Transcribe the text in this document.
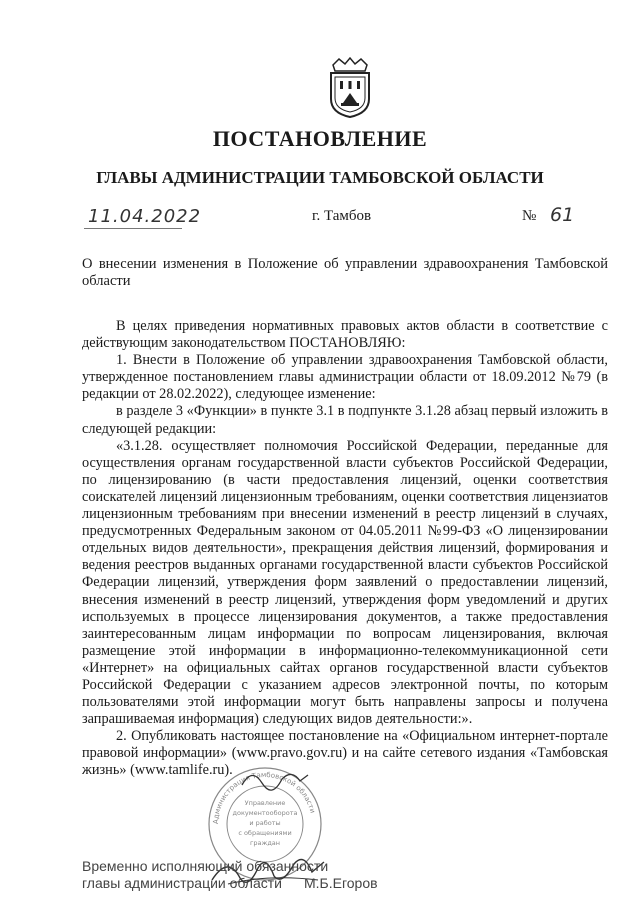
ПОСТАНОВЛЕНИЕ
ГЛАВЫ АДМИНИСТРАЦИИ ТАМБОВСКОЙ ОБЛАСТИ
11.04.2022	г. Тамбов	№ 61
О внесении изменения в Положение об управлении здравоохранения Тамбовской области

В целях приведения нормативных правовых актов области в соответствие с действующим законодательством ПОСТАНОВЛЯЮ:

1. Внести в Положение об управлении здравоохранения Тамбовской области, утвержденное постановлением главы администрации области от 18.09.2012 №79 (в редакции от 28.02.2022), следующее изменение:

в разделе 3 «Функции» в пункте 3.1 в подпункте 3.1.28 абзац первый изложить в следующей редакции:

«3.1.28. осуществляет полномочия Российской Федерации, переданные для осуществления органам государственной власти субъектов Российской Федерации, по лицензированию (в части предоставления лицензий, оценки соответствия соискателей лицензий лицензионным требованиям, оценки соответствия лицензиатов лицензионным требованиям при внесении изменений в реестр лицензий в случаях, предусмотренных Федеральным законом от 04.05.2011 №99-ФЗ «О лицензировании отдельных видов деятельности», прекращения действия лицензий, формирования и ведения реестров выданных органами государственной власти субъектов Российской Федерации лицензий, утверждения форм заявлений о предоставлении лицензий, внесения изменений в реестр лицензий, утверждения форм уведомлений и других используемых в процессе лицензирования документов, а также предоставления заинтересованным лицам информации по вопросам лицензирования, включая размещение этой информации в информационно-телекоммуникационной сети «Интернет» на официальных сайтах органов государственной власти субъектов Российской Федерации с указанием адресов электронной почты, по которым пользователями этой информации могут быть направлены запросы и получена запрашиваемая информация) следующих видов деятельности:».

2. Опубликовать настоящее постановление на «Официальном интернет-портале правовой информации» (www.pravo.gov.ru) и на сайте сетевого издания «Тамбовская жизнь» (www.tamlife.ru).

Администрация Тамбовской области
Управление
документооборота
и работы
с обращениями
граждан
Временно исполняющий обязанности
главы администрации области	М.Б.Егоров
